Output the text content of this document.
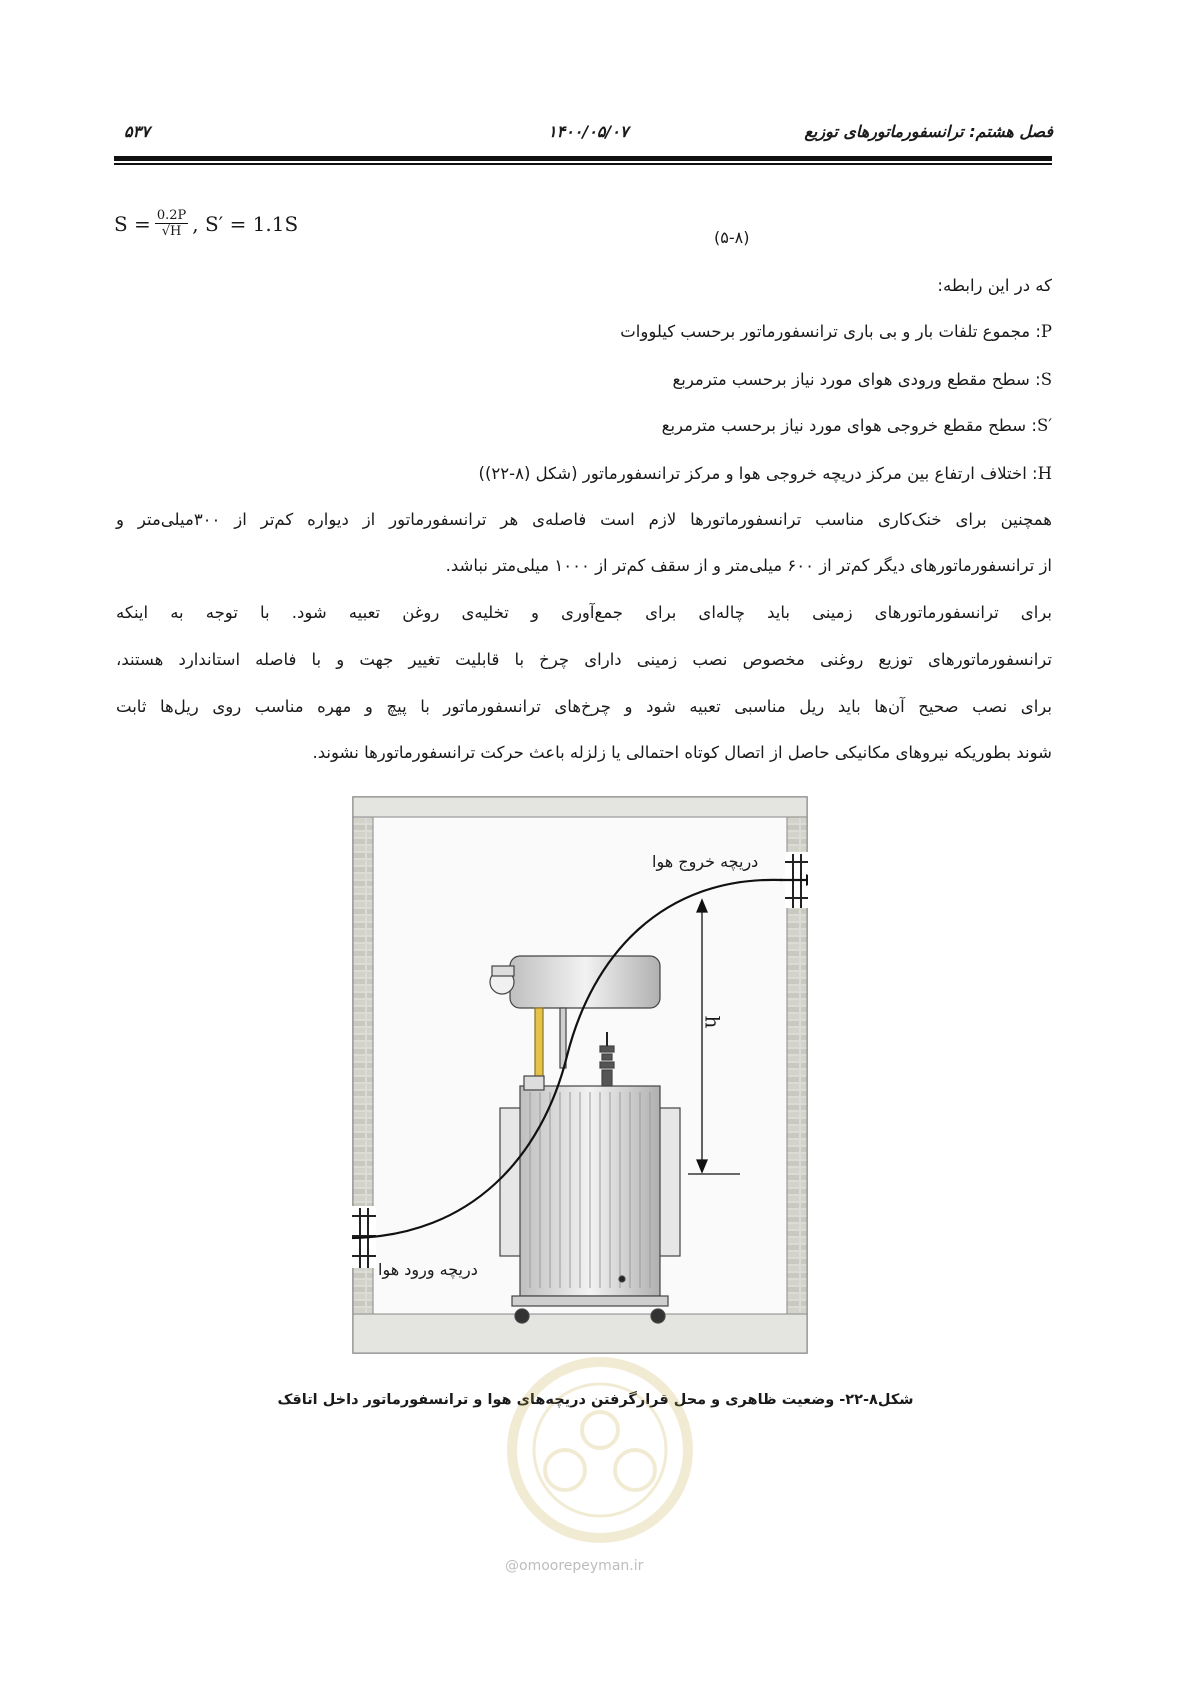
فصل هشتم: ترانسفورماتورهای توزیع
۱۴۰۰/۰۵/۰۷
۵۳۷
$S = \frac{0.2P}{√H}$ , S′ = 1.1S
(۵-۸)
که در این رابطه:
P: مجموع تلفات بار و بی باری ترانسفورماتور برحسب کیلووات
S: سطح مقطع ورودی هوای مورد نیاز برحسب مترمربع
S′: سطح مقطع خروجی هوای مورد نیاز برحسب مترمربع
H: اختلاف ارتفاع بین مرکز دریچه خروجی هوا و مرکز ترانسفورماتور (شکل (۸-۲۲))
همچنین برای خنک‌کاری مناسب ترانسفورماتورها لازم است فاصله‌ی هر ترانسفورماتور از دیواره کم‌تر از ۳۰۰میلی‌متر و
از ترانسفورماتورهای دیگر کم‌تر از ۶۰۰ میلی‌متر و از سقف کم‌تر از ۱۰۰۰ میلی‌متر نباشد.
برای ترانسفورماتورهای زمینی باید چاله‌ای برای جمع‌آوری و تخلیه‌ی روغن تعبیه شود. با توجه به اینکه
ترانسفورماتورهای توزیع روغنی مخصوص نصب زمینی دارای چرخ با قابلیت تغییر جهت و با فاصله استاندارد هستند،
برای نصب صحیح آن‌ها باید ریل مناسبی تعبیه شود و چرخ‌های ترانسفورماتور با پیچ و مهره مناسب روی ریل‌ها ثابت
شوند بطوریکه نیروهای مکانیکی حاصل از اتصال کوتاه احتمالی یا زلزله باعث حرکت ترانسفورماتورها نشوند.
دریچه خروج هوا
دریچه ورود هوا
h
شکل۸-۲۲- وضعیت ظاهری و محل قرارگرفتن دریچه‌های هوا و ترانسفورماتور داخل اتاقک
@omoorepeyman.ir
